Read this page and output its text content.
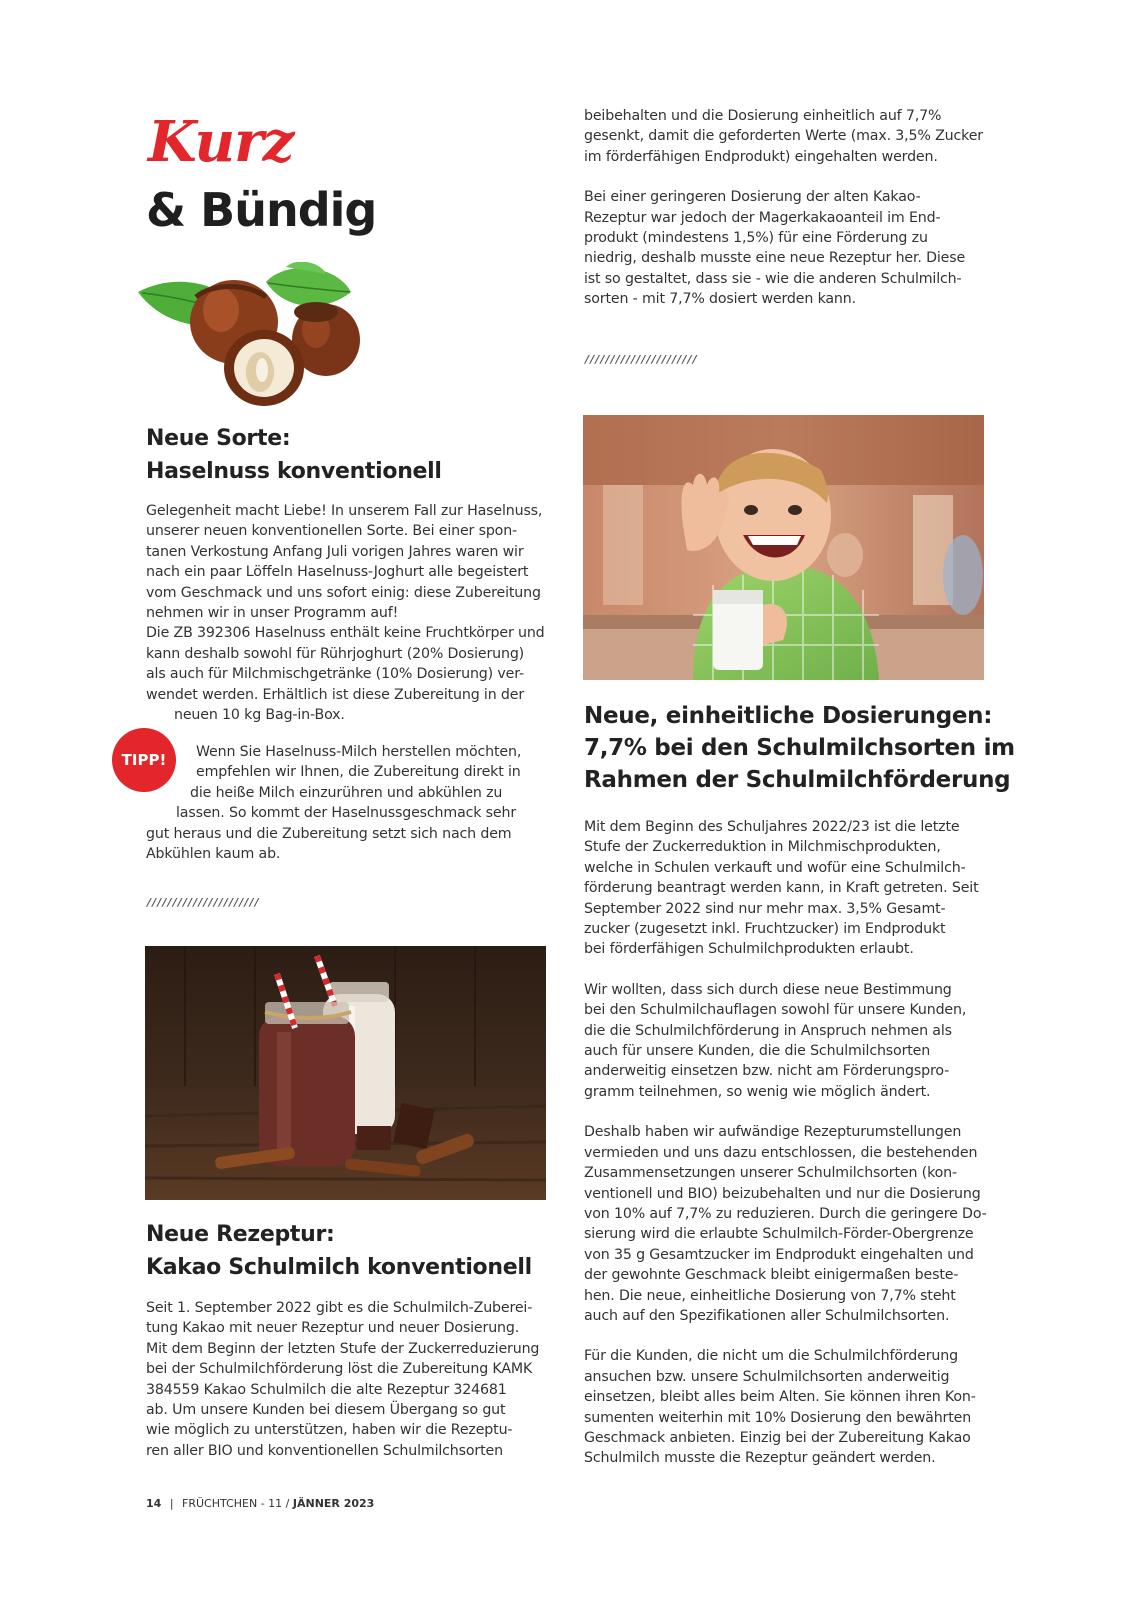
Kurz
& Bündig
Neue Sorte:
Haselnuss konventionell
Gelegenheit macht Liebe! In unserem Fall zur Haselnuss,
unserer neuen konventionellen Sorte. Bei einer spon-
tanen Verkostung Anfang Juli vorigen Jahres waren wir
nach ein paar Löffeln Haselnuss-Joghurt alle begeistert
vom Geschmack und uns sofort einig: diese Zubereitung
nehmen wir in unser Programm auf!
Die ZB 392306 Haselnuss enthält keine Fruchtkörper und
kann deshalb sowohl für Rührjoghurt (20% Dosierung)
als auch für Milchmischgetränke (10% Dosierung) ver-
wendet werden. Erhältlich ist diese Zubereitung in der
neuen 10 kg Bag-in-Box.
TIPP!	Wenn Sie Haselnuss-Milch herstellen möchten,
empfehlen wir Ihnen, die Zubereitung direkt in
die heiße Milch einzurühren und abkühlen zu
lassen. So kommt der Haselnussgeschmack sehr
gut heraus und die Zubereitung setzt sich nach dem
Abkühlen kaum ab.
//////////////////////
Neue Rezeptur:
Kakao Schulmilch konventionell
Seit 1. September 2022 gibt es die Schulmilch-Zuberei-
tung Kakao mit neuer Rezeptur und neuer Dosierung.
Mit dem Beginn der letzten Stufe der Zuckerreduzierung
bei der Schulmilchförderung löst die Zubereitung KAMK
384559 Kakao Schulmilch die alte Rezeptur 324681
ab. Um unsere Kunden bei diesem Übergang so gut
wie möglich zu unterstützen, haben wir die Rezeptu-
ren aller BIO und konventionellen Schulmilchsorten
beibehalten und die Dosierung einheitlich auf 7,7%
gesenkt, damit die geforderten Werte (max. 3,5% Zucker
im förderfähigen Endprodukt) eingehalten werden.
Bei einer geringeren Dosierung der alten Kakao-
Rezeptur war jedoch der Magerkakaoanteil im End-
produkt (mindestens 1,5%) für eine Förderung zu
niedrig, deshalb musste eine neue Rezeptur her. Diese
ist so gestaltet, dass sie - wie die anderen Schulmilch-
sorten - mit 7,7% dosiert werden kann.
//////////////////////
Neue, einheitliche Dosierungen:
7,7% bei den Schulmilchsorten im
Rahmen der Schulmilchförderung
Mit dem Beginn des Schuljahres 2022/23 ist die letzte
Stufe der Zuckerreduktion in Milchmischprodukten,
welche in Schulen verkauft und wofür eine Schulmilch-
förderung beantragt werden kann, in Kraft getreten. Seit
September 2022 sind nur mehr max. 3,5% Gesamt-
zucker (zugesetzt inkl. Fruchtzucker) im Endprodukt
bei förderfähigen Schulmilchprodukten erlaubt.
Wir wollten, dass sich durch diese neue Bestimmung
bei den Schulmilchauflagen sowohl für unsere Kunden,
die die Schulmilchförderung in Anspruch nehmen als
auch für unsere Kunden, die die Schulmilchsorten
anderweitig einsetzen bzw. nicht am Förderungspro-
gramm teilnehmen, so wenig wie möglich ändert.
Deshalb haben wir aufwändige Rezepturumstellungen
vermieden und uns dazu entschlossen, die bestehenden
Zusammensetzungen unserer Schulmilchsorten (kon-
ventionell und BIO) beizubehalten und nur die Dosierung
von 10% auf 7,7% zu reduzieren. Durch die geringere Do-
sierung wird die erlaubte Schulmilch-Förder-Obergrenze
von 35 g Gesamtzucker im Endprodukt eingehalten und
der gewohnte Geschmack bleibt einigermaßen beste-
hen. Die neue, einheitliche Dosierung von 7,7% steht
auch auf den Spezifikationen aller Schulmilchsorten.
Für die Kunden, die nicht um die Schulmilchförderung
ansuchen bzw. unsere Schulmilchsorten anderweitig
einsetzen, bleibt alles beim Alten. Sie können ihren Kon-
sumenten weiterhin mit 10% Dosierung den bewährten
Geschmack anbieten. Einzig bei der Zubereitung Kakao
Schulmilch musste die Rezeptur geändert werden.
14 | FRÜCHTCHEN - 11 / JÄNNER 2023
